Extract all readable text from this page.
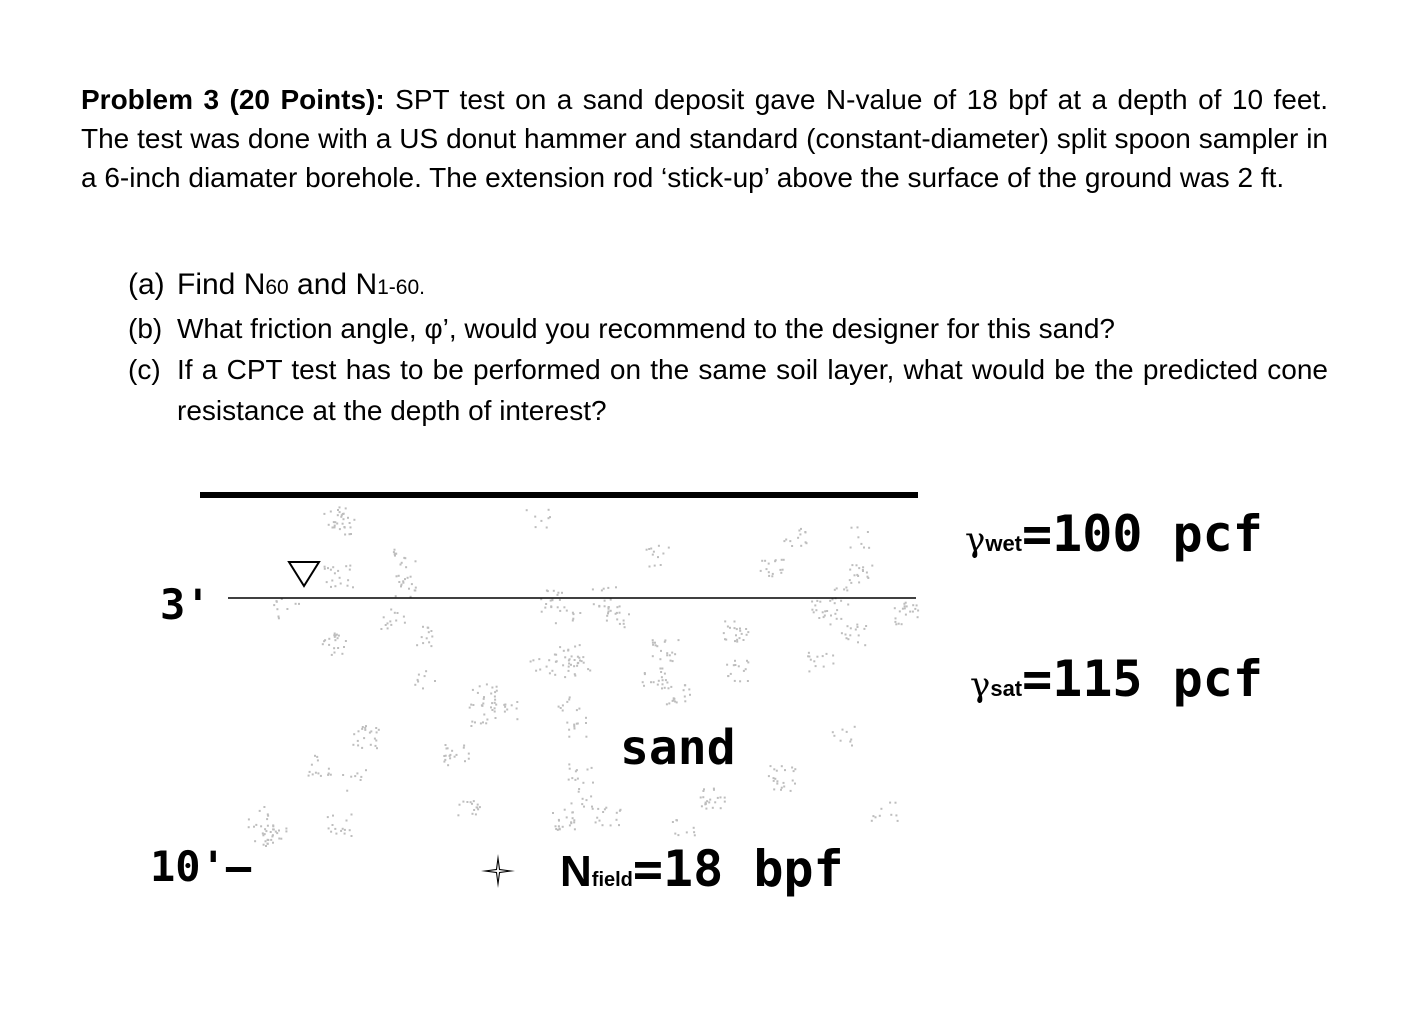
Problem 3 (20 Points): SPT test on a sand deposit gave N-value of 18 bpf at a depth of 10 feet. The test was done with a US donut hammer and standard (constant-diameter) split spoon sampler in a 6-inch diamater borehole. The extension rod ‘stick-up’ above the surface of the ground was 2 ft.

(a) Find N60 and N1-60.
(b) What friction angle, φ’, would you recommend to the designer for this sand?
(c) If a CPT test has to be performed on the same soil layer, what would be the predicted cone resistance at the depth of interest?
3'
10'—
sand
γwet=100 pcf
γsat=115 pcf
Nfield=18 bpf
